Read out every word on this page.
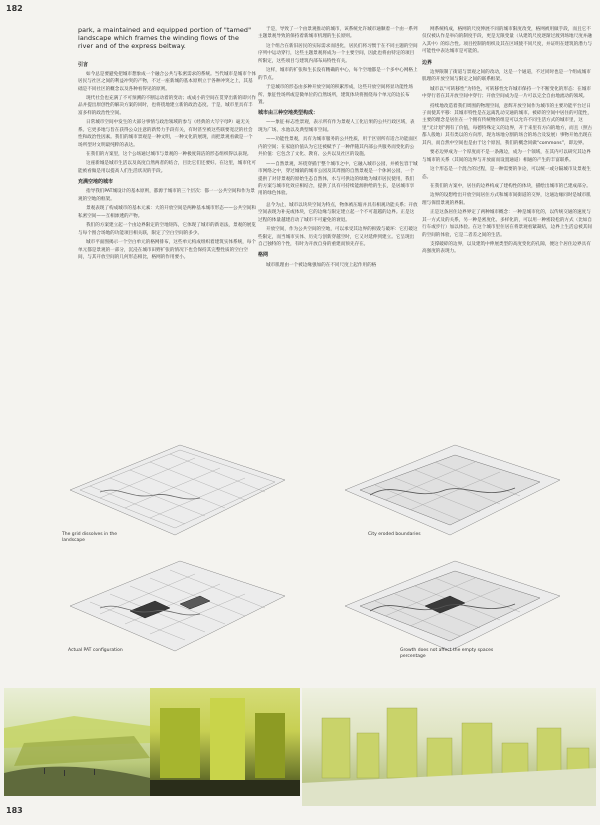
182
183
park, a maintained and equipped portion of "tamed" landscape which frames the winding flows of the river and of the express beltway.
引言
如今总是要避免把城市想象成一个融合公共与私密需求的系统。当代城市是城市个体居民与社区之间的利益冲突的产物，不过一座新城的基本原则立于各种冲突之上，其基础是不同社区的概念以及各种看得见的原则。
现代社会也充满了不可预测的不断运动着的变动；或成小的空间在贯穿出新的即兴作品并提出原创性的解决方案的同时，也将绕地建立新的政治态度。于是，城市里具有丰富多样的政治性空间。
日常城市空间中发生的大部分事情与政治领域的参与（经典的大写字母P）毫无关系。它更多地与旨在获得公众注意的新势力手段有关，有时甚至被这些联要宽泛的社会性和政治性因素。我们的城市景观是一种文明，一种文化的展现，而把景观看做是一个场所型对文明最纯粹的表达。
在我们的方案里，这个公场通过城市与景观的一种极度简洁的形态组织得以表现。
这座新城是城市生活以及高度自然两者的结合，目比它们还要好。在这里，城市化可能被看做是用以提高人们生活状况的手段。
充满空地的城市
指导我们PAT城设计的基本原则，都源于城市的三个层次：都一一公共空间和作为景观的空地的框架。
景观表现了构成城市的基本元素：大的开放空间是两种基本城市形态——公共空间和私密空间——互相渗透的产物。
我们的方案建立起一个由边界限定的空地矩阵，它体现了城市的新语法，景观的展览与每个围合场地的功能项目相关联，限定了空白空间的多少。
城市平面图揭示一个空白单元的格网排布，这些单元构成组织着建筑实体系统，每个单元都是景观的一部分，沉浸在城市田野扩张的情况下也会保持其完整性质的空白空间，与其开放空间的几何形态相比，格网的作用要小。
于是，导致了一个由景观推动的城市，该系统允许城市通顺着一个由一系列主题景观导致的保持着新城市机理的生长原则。
这个组合在新旧居民的实际需求而进化，居民们将习惯于在不同主题的空间序列中运动穿行，这些主题景观将成为一个主要空间，因此也将由特定的项目所限定，这些项目与建筑内部布局特性有关。
这样，城市的扩张和生长没有精确的中心，每个空地都是一个多中心网格上的节点。
于是城市的形态由多种开放空间的积累形成，这些开放空间将显功能性场所、象征性场所或是微单位的自然场所，建筑体块将围绕每个单元的边长布置。
城市由三种空地类型构成：
——象征·标志性景观，表示所有作为景观人工化后果的公共行政区域，表现为广场、水池以及典型城市空间。
——功能性景观，具有为城市服务的公共性质，用于区别所有适合功能面区内的空间；在家庭价值认为它还被赋予了一种伴随其内部公共服务而变化的公共价值：它包含了文化、教育、公共以及社区的设施。
——自然景观，环绕穿插于整个城市之中，它融入城市公园，并被包容于城市网络之中，穿过城镇的城市公园及其周围的自然景观是一个休闲公园，一个提供了对待景观的原始生态自然体，水与可供边的绿地为城市居民使用，我们的方案与城市化效应相结合，提供了具有可持续能源供给的生长，是居城市享用的绿色体验。
总今为止，城市以块块空间为特点，物体被压缩并具有相观功能关系；开放空间表现为补充或体块，它的边缘与限定建立起一个不可超越的边界。正是这过程的体量越建启动了城市不可避免的衰退。
开放空间，作为公共空间的空地，可以承受其边界的拆毁与破坏：它打破这些限定，而当城市实体、历史与创新穿越空时，它又对延伸到建立。它呈现出自己独特的个性，有时为开放自身的重建而预先存在。
格网
城市肌理由一个被边缘强加的在不同尺度上起作用的格
网系统构成，格网的尺度伸展不同的城市限度改变，格网被用做手段，而且它不仅仅被认作是举向的制度手段，更是无限变量（从建筑尺度逐渐过渡到场地尺度并融入其中）的综合性。项目控制的组织及其在区域使不同尺度，并证明在建筑的潜力与可能性中表达城市是可能的。
边界
边界限制了街道与景观之间的改动，这是一个通道，不过同时也是一个组成城市肌理的开放空间与限定之间的联系框架。
城市以“可转移性”为特色，可转移性允许城市保持一个不断变化的形态：在城市中穿行者在其开放空间中穿行；开放空间成为是一片可以完全自由地流动的领域。
持续地改造着我们周围的物理空间，意辉开放空间作为城市的主要功能平台过日子而使其平移：其城市特性是在远离乳动交通的城市。被碎的空间中居住的可能性，主要的理念是居住在一个拥有传统物的组是可以允许不同生活方式的城市里，这里“无计划”拥有了价值，每德特殊定义的边界，开于来里有方向的地方，而且（照古都人般地）其有类以的方向形，现为场地分割的场合的场合及发展）事物开始出现在其内，而自然中空间也是由于这个原因，我们的概念同做“commons”，即边界。
要必边界成为一个厚度而不是一条薄边，成为一个领域，在其内可以研究其边界与城市的关系（其间的边界与开放面而设置通道）相通的产生的丰富联系。
这个形态是一个混合的过程，是一种需要的争论，可以统一或分隔城市及景观生态。
在我们的方案中，居住的边界构成了建构性的体块，描绘出城市的已建成部分。
边界的设想给出开放空间居住方式和城市间街道的交界，这通边缘同时是城市肌理与保留景观的界限。
正是这条居住边界界定了两种城市概念：一种是城市化的，以传统交通的速度与其一方式及的关系，另一种是密度化、多样化的，可以用一种密较松的方式（比如自行车或步行）加以体验。在这个城市里住居在将景观看紧凝结，边界上生活总被其间的空间的体验，它是二者差之间的生活。
支撑破碎的边界，以及建筑中伸展类型的高度变化的孔隙，便这个居住边界具有高强度的表现力。
The grid dissolves in the landscape
City eroded boundaries
Actual PAT configuration	Growth does not affect the empty spaces percentage
